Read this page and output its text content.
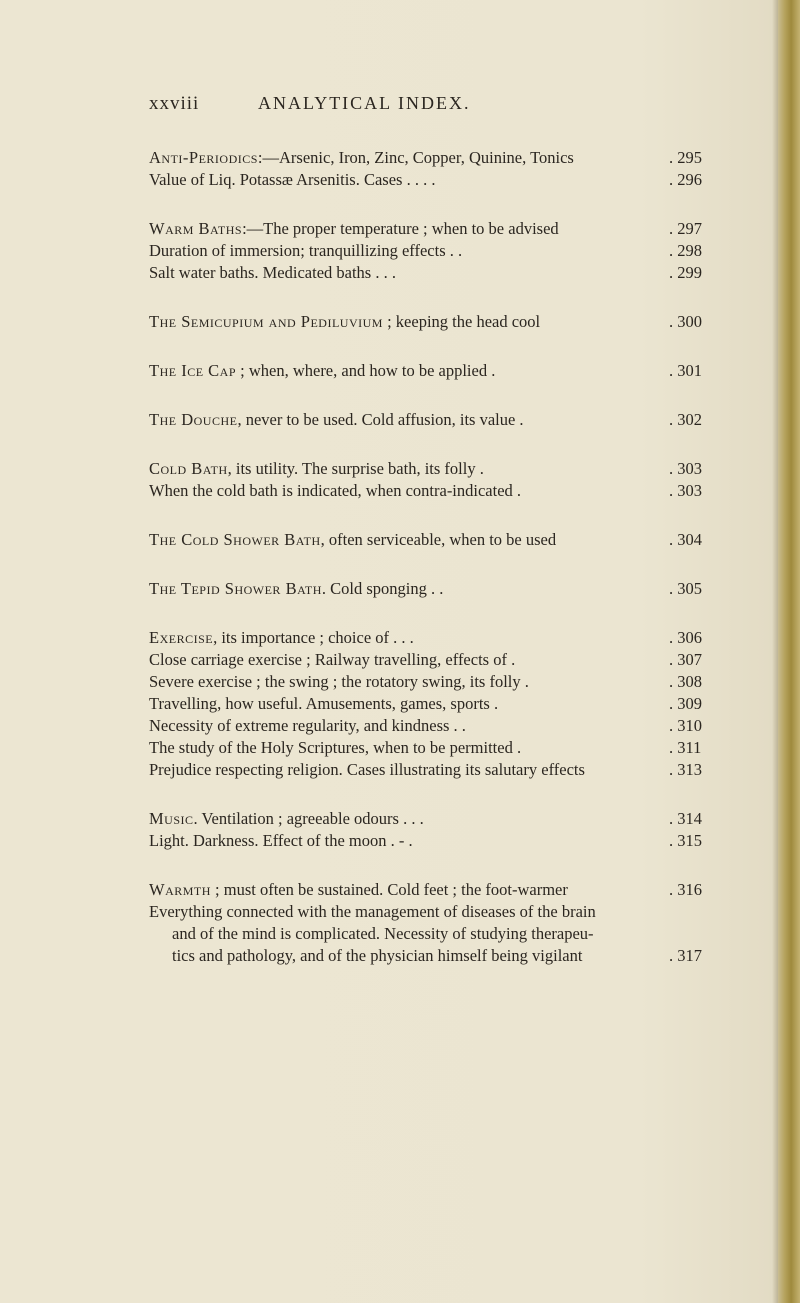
xxviii	ANALYTICAL INDEX.
Anti-Periodics:—Arsenic, Iron, Zinc, Copper, Quinine, Tonics	. 295
Value of Liq. Potassæ Arsenitis. Cases . . . .	. 296
Warm Baths:—The proper temperature ; when to be advised	. 297
Duration of immersion; tranquillizing effects . .	. 298
Salt water baths. Medicated baths . . .	. 299
The Semicupium and Pediluvium ; keeping the head cool	. 300
The Ice Cap ; when, where, and how to be applied .	. 301
The Douche, never to be used. Cold affusion, its value .	. 302
Cold Bath, its utility. The surprise bath, its folly .	. 303
When the cold bath is indicated, when contra-indicated .	. 303
The Cold Shower Bath, often serviceable, when to be used	. 304
The Tepid Shower Bath. Cold sponging . .	. 305
Exercise, its importance ; choice of . . .	. 306
Close carriage exercise ; Railway travelling, effects of .	. 307
Severe exercise ; the swing ; the rotatory swing, its folly .	. 308
Travelling, how useful. Amusements, games, sports .	. 309
Necessity of extreme regularity, and kindness . .	. 310
The study of the Holy Scriptures, when to be permitted .	. 311
Prejudice respecting religion. Cases illustrating its salutary effects	. 313
Music. Ventilation ; agreeable odours . . .	. 314
Light. Darkness. Effect of the moon . - .	. 315
Warmth ; must often be sustained. Cold feet ; the foot-warmer	. 316
Everything connected with the management of diseases of the brain
and of the mind is complicated. Necessity of studying therapeu-
tics and pathology, and of the physician himself being vigilant	. 317
